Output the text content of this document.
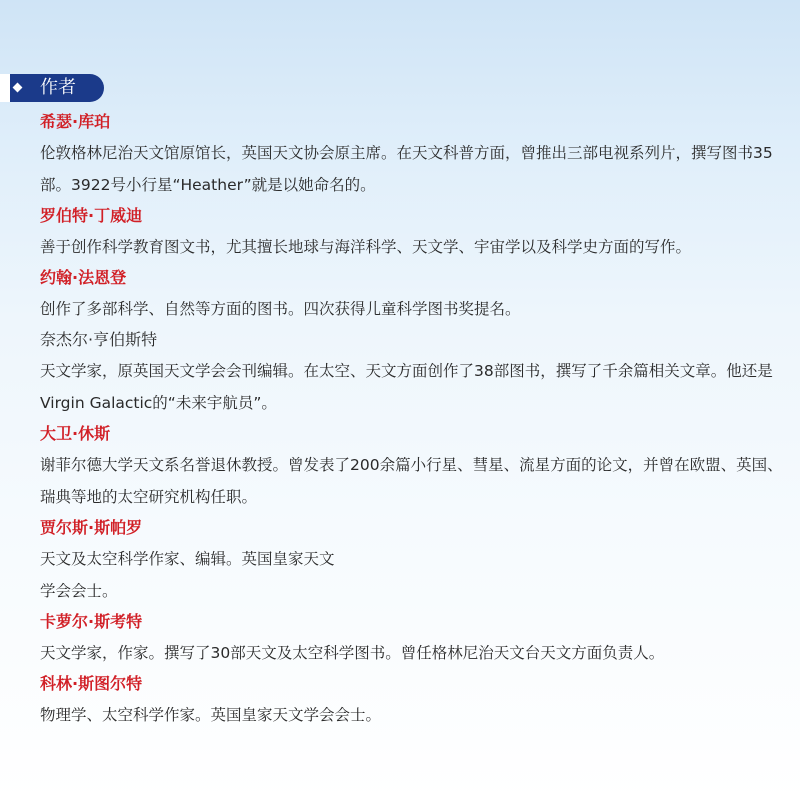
作者
希瑟·库珀
伦敦格林尼治天文馆原馆长，英国天文协会原主席。在天文科普方面，曾推出三部电视系列片，撰写图书35部。3922号小行星“Heather”就是以她命名的。
罗伯特·丁威迪
善于创作科学教育图文书，尤其擅长地球与海洋科学、天文学、宇宙学以及科学史方面的写作。
约翰·法恩登
创作了多部科学、自然等方面的图书。四次获得儿童科学图书奖提名。
奈杰尔·亨伯斯特
天文学家，原英国天文学会会刊编辑。在太空、天文方面创作了38部图书，撰写了千余篇相关文章。他还是Virgin Galactic的“未来宇航员”。
大卫·休斯
谢菲尔德大学天文系名誉退休教授。曾发表了200余篇小行星、彗星、流星方面的论文，并曾在欧盟、英国、瑞典等地的太空研究机构任职。
贾尔斯·斯帕罗
天文及太空科学作家、编辑。英国皇家天文
学会会士。
卡萝尔·斯考特
天文学家，作家。撰写了30部天文及太空科学图书。曾任格林尼治天文台天文方面负责人。
科林·斯图尔特
物理学、太空科学作家。英国皇家天文学会会士。
